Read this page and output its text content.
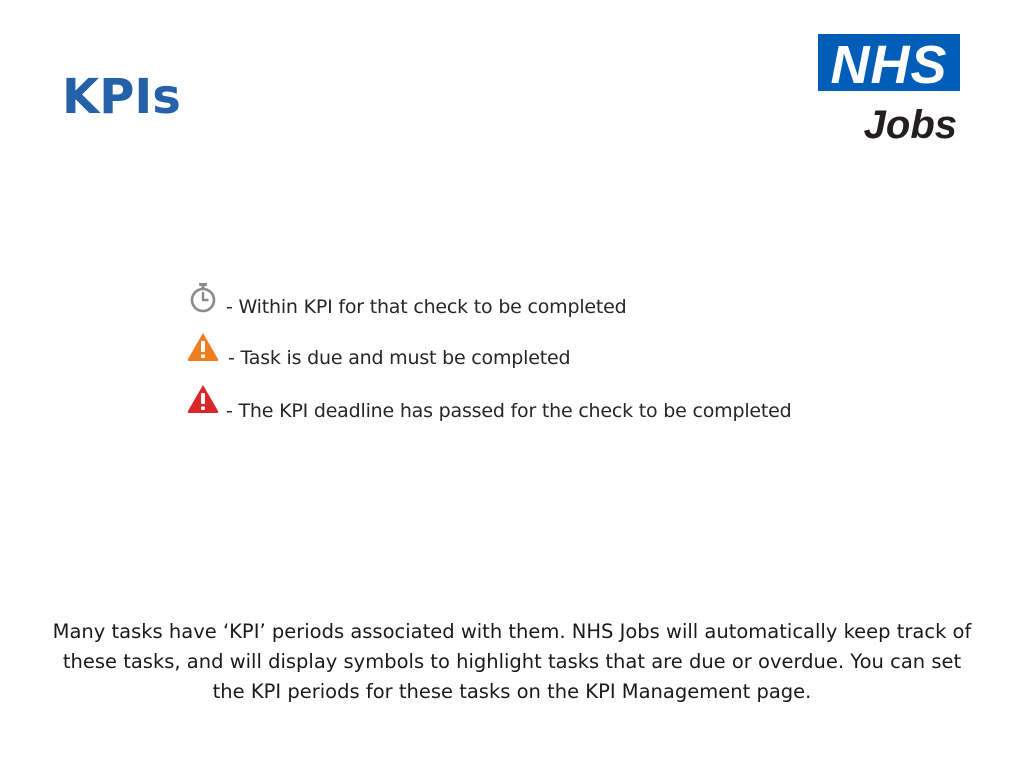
KPIs
NHS
Jobs
- Within KPI for that check to be completed
- Task is due and must be completed
- The KPI deadline has passed for the check to be completed

Many tasks have ‘KPI’ periods associated with them. NHS Jobs will automatically keep track of these tasks, and will display symbols to highlight tasks that are due or overdue. You can set the KPI periods for these tasks on the KPI Management page.
